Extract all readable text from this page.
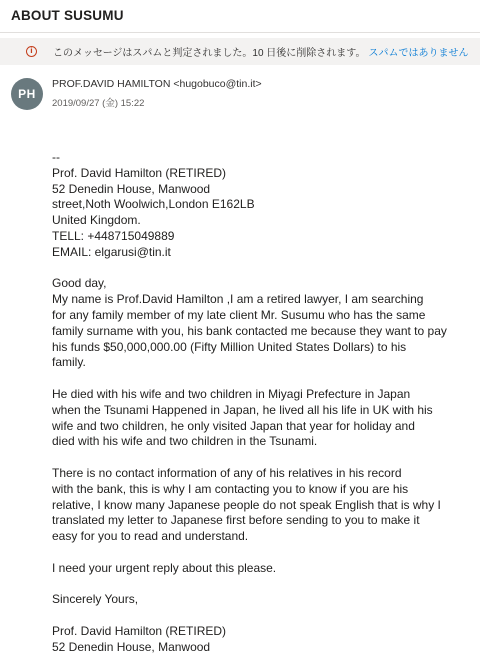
ABOUT SUSUMU
i	このメッセージはスパムと判定されました。10 日後に削除されます。 スパムではありません
PH
PROF.DAVID HAMILTON <hugobuco@tin.it>
2019/09/27 (金) 15:22
--
Prof. David Hamilton (RETIRED)
52 Denedin House, Manwood
street,Noth Woolwich,London E162LB
United Kingdom.
TELL: +448715049889
EMAIL: elgarusi@tin.it
Good day,
My name is Prof.David Hamilton ,I am a retired lawyer, I am searching
for any family member of my late client Mr. Susumu who has the same
family surname with you, his bank contacted me because they want to pay
his funds $50,000,000.00 (Fifty Million United States Dollars) to his
family.
He died with his wife and two children in Miyagi Prefecture in Japan
when the Tsunami Happened in Japan, he lived all his life in UK with his
wife and two children, he only visited Japan that year for holiday and
died with his wife and two children in the Tsunami.
There is no contact information of any of his relatives in his record
with the bank, this is why I am contacting you to know if you are his
relative, I know many Japanese people do not speak English that is why I
translated my letter to Japanese first before sending to you to make it
easy for you to read and understand.
I need your urgent reply about this please.
Sincerely Yours,
Prof. David Hamilton (RETIRED)
52 Denedin House, Manwood
